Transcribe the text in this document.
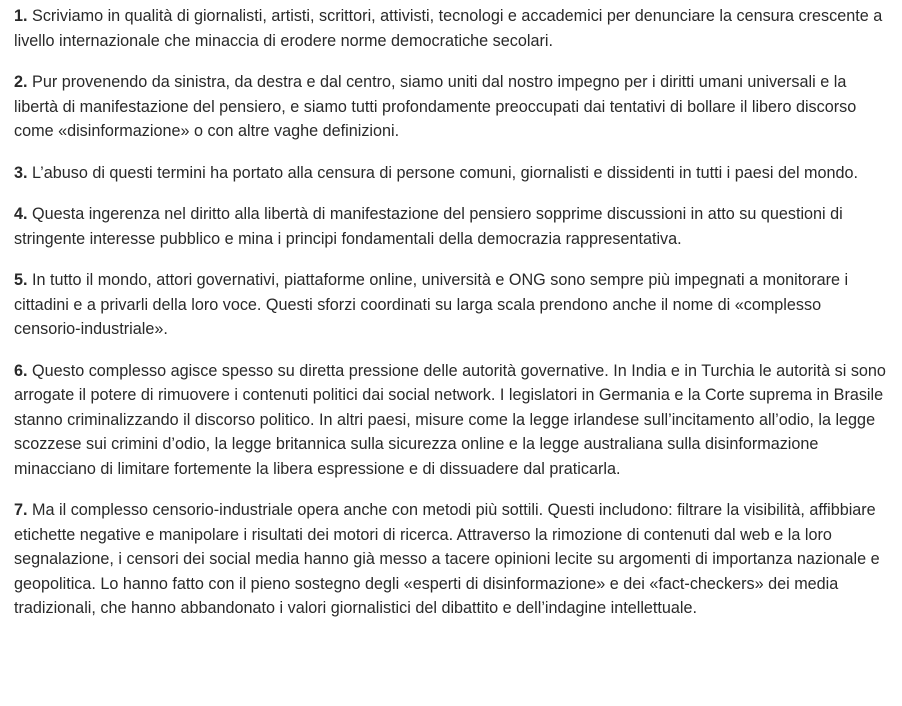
1. Scriviamo in qualità di giornalisti, artisti, scrittori, attivisti, tecnologi e accademici per denunciare la censura crescente a livello internazionale che minaccia di erodere norme democratiche secolari.

2. Pur provenendo da sinistra, da destra e dal centro, siamo uniti dal nostro impegno per i diritti umani universali e la libertà di manifestazione del pensiero, e siamo tutti profondamente preoccupati dai tentativi di bollare il libero discorso come «disinformazione» o con altre vaghe definizioni.

3. L’abuso di questi termini ha portato alla censura di persone comuni, giornalisti e dissidenti in tutti i paesi del mondo.

4. Questa ingerenza nel diritto alla libertà di manifestazione del pensiero sopprime discussioni in atto su questioni di stringente interesse pubblico e mina i principi fondamentali della democrazia rappresentativa.

5. In tutto il mondo, attori governativi, piattaforme online, università e ONG sono sempre più impegnati a monitorare i cittadini e a privarli della loro voce. Questi sforzi coordinati su larga scala prendono anche il nome di «complesso censorio-industriale».

6. Questo complesso agisce spesso su diretta pressione delle autorità governative. In India e in Turchia le autorità si sono arrogate il potere di rimuovere i contenuti politici dai social network. I legislatori in Germania e la Corte suprema in Brasile stanno criminalizzando il discorso politico. In altri paesi, misure come la legge irlandese sull’incitamento all’odio, la legge scozzese sui crimini d’odio, la legge britannica sulla sicurezza online e la legge australiana sulla disinformazione minacciano di limitare fortemente la libera espressione e di dissuadere dal praticarla.

7. Ma il complesso censorio-industriale opera anche con metodi più sottili. Questi includono: filtrare la visibilità, affibbiare etichette negative e manipolare i risultati dei motori di ricerca. Attraverso la rimozione di contenuti dal web e la loro segnalazione, i censori dei social media hanno già messo a tacere opinioni lecite su argomenti di importanza nazionale e geopolitica. Lo hanno fatto con il pieno sostegno degli «esperti di disinformazione» e dei «fact-checkers» dei media tradizionali, che hanno abbandonato i valori giornalistici del dibattito e dell’indagine intellettuale.
